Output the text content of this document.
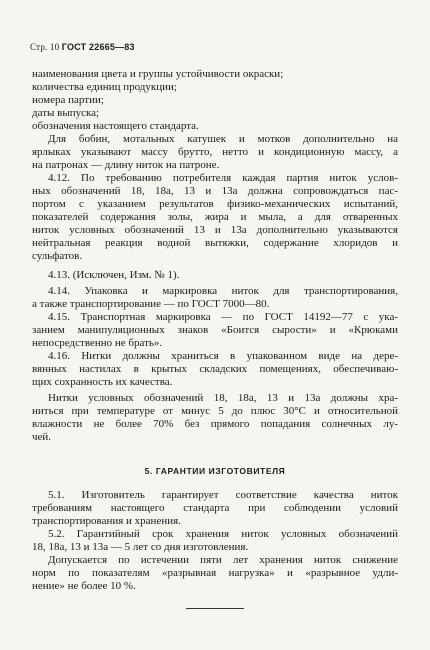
Стр. 10 ГОСТ 22665—83
наименования цвета и группы устойчивости окраски;
количества единиц продукции;
номера партии;
даты выпуска;
обозначения настоящего стандарта.
Для бобин, мотальных катушек и мотков дополнительно на
ярлыках указывают массу брутто, нетто и кондиционную массу, а
на патронах — длину ниток на патроне.
4.12. По требованию потребителя каждая партия ниток услов-
ных обозначений 18, 18а, 13 и 13а должна сопровождаться пас-
портом с указанием результатов физико-механических испытаний,
показателей содержания золы, жира и мыла, а для отваренных
ниток условных обозначений 13 и 13а дополнительно указываются
нейтральная реакция водной вытяжки, содержание хлоридов и
сульфатов.
4.13. (Исключен, Изм. № 1).
4.14. Упаковка и маркировка ниток для транспортирования,
а также транспортирование — по ГОСТ 7000—80.
4.15. Транспортная маркировка — по ГОСТ 14192—77 с ука-
занием манипуляционных знаков «Боится сырости» и «Крюками
непосредственно не брать».
4.16. Нитки должны храниться в упакованном виде на дере-
вянных настилах в крытых складских помещениях, обеспечиваю-
щих сохранность их качества.
Нитки условных обозначений 18, 18а, 13 и 13а должны хра-
ниться при температуре от минус 5 до плюс 30°С и относительной
влажности не более 70% без прямого попадания солнечных лу-
чей.
5. ГАРАНТИИ ИЗГОТОВИТЕЛЯ
5.1. Изготовитель гарантирует соответствие качества ниток
требованиям настоящего стандарта при соблюдении условий
транспортирования и хранения.
5.2. Гарантийный срок хранения ниток условных обозначений
18, 18а, 13 и 13а — 5 лет со дня изготовления.
Допускается по истечении пяти лет хранения ниток снижение
норм по показателям «разрывная нагрузка» и «разрывное удли-
нение» не более 10 %.
